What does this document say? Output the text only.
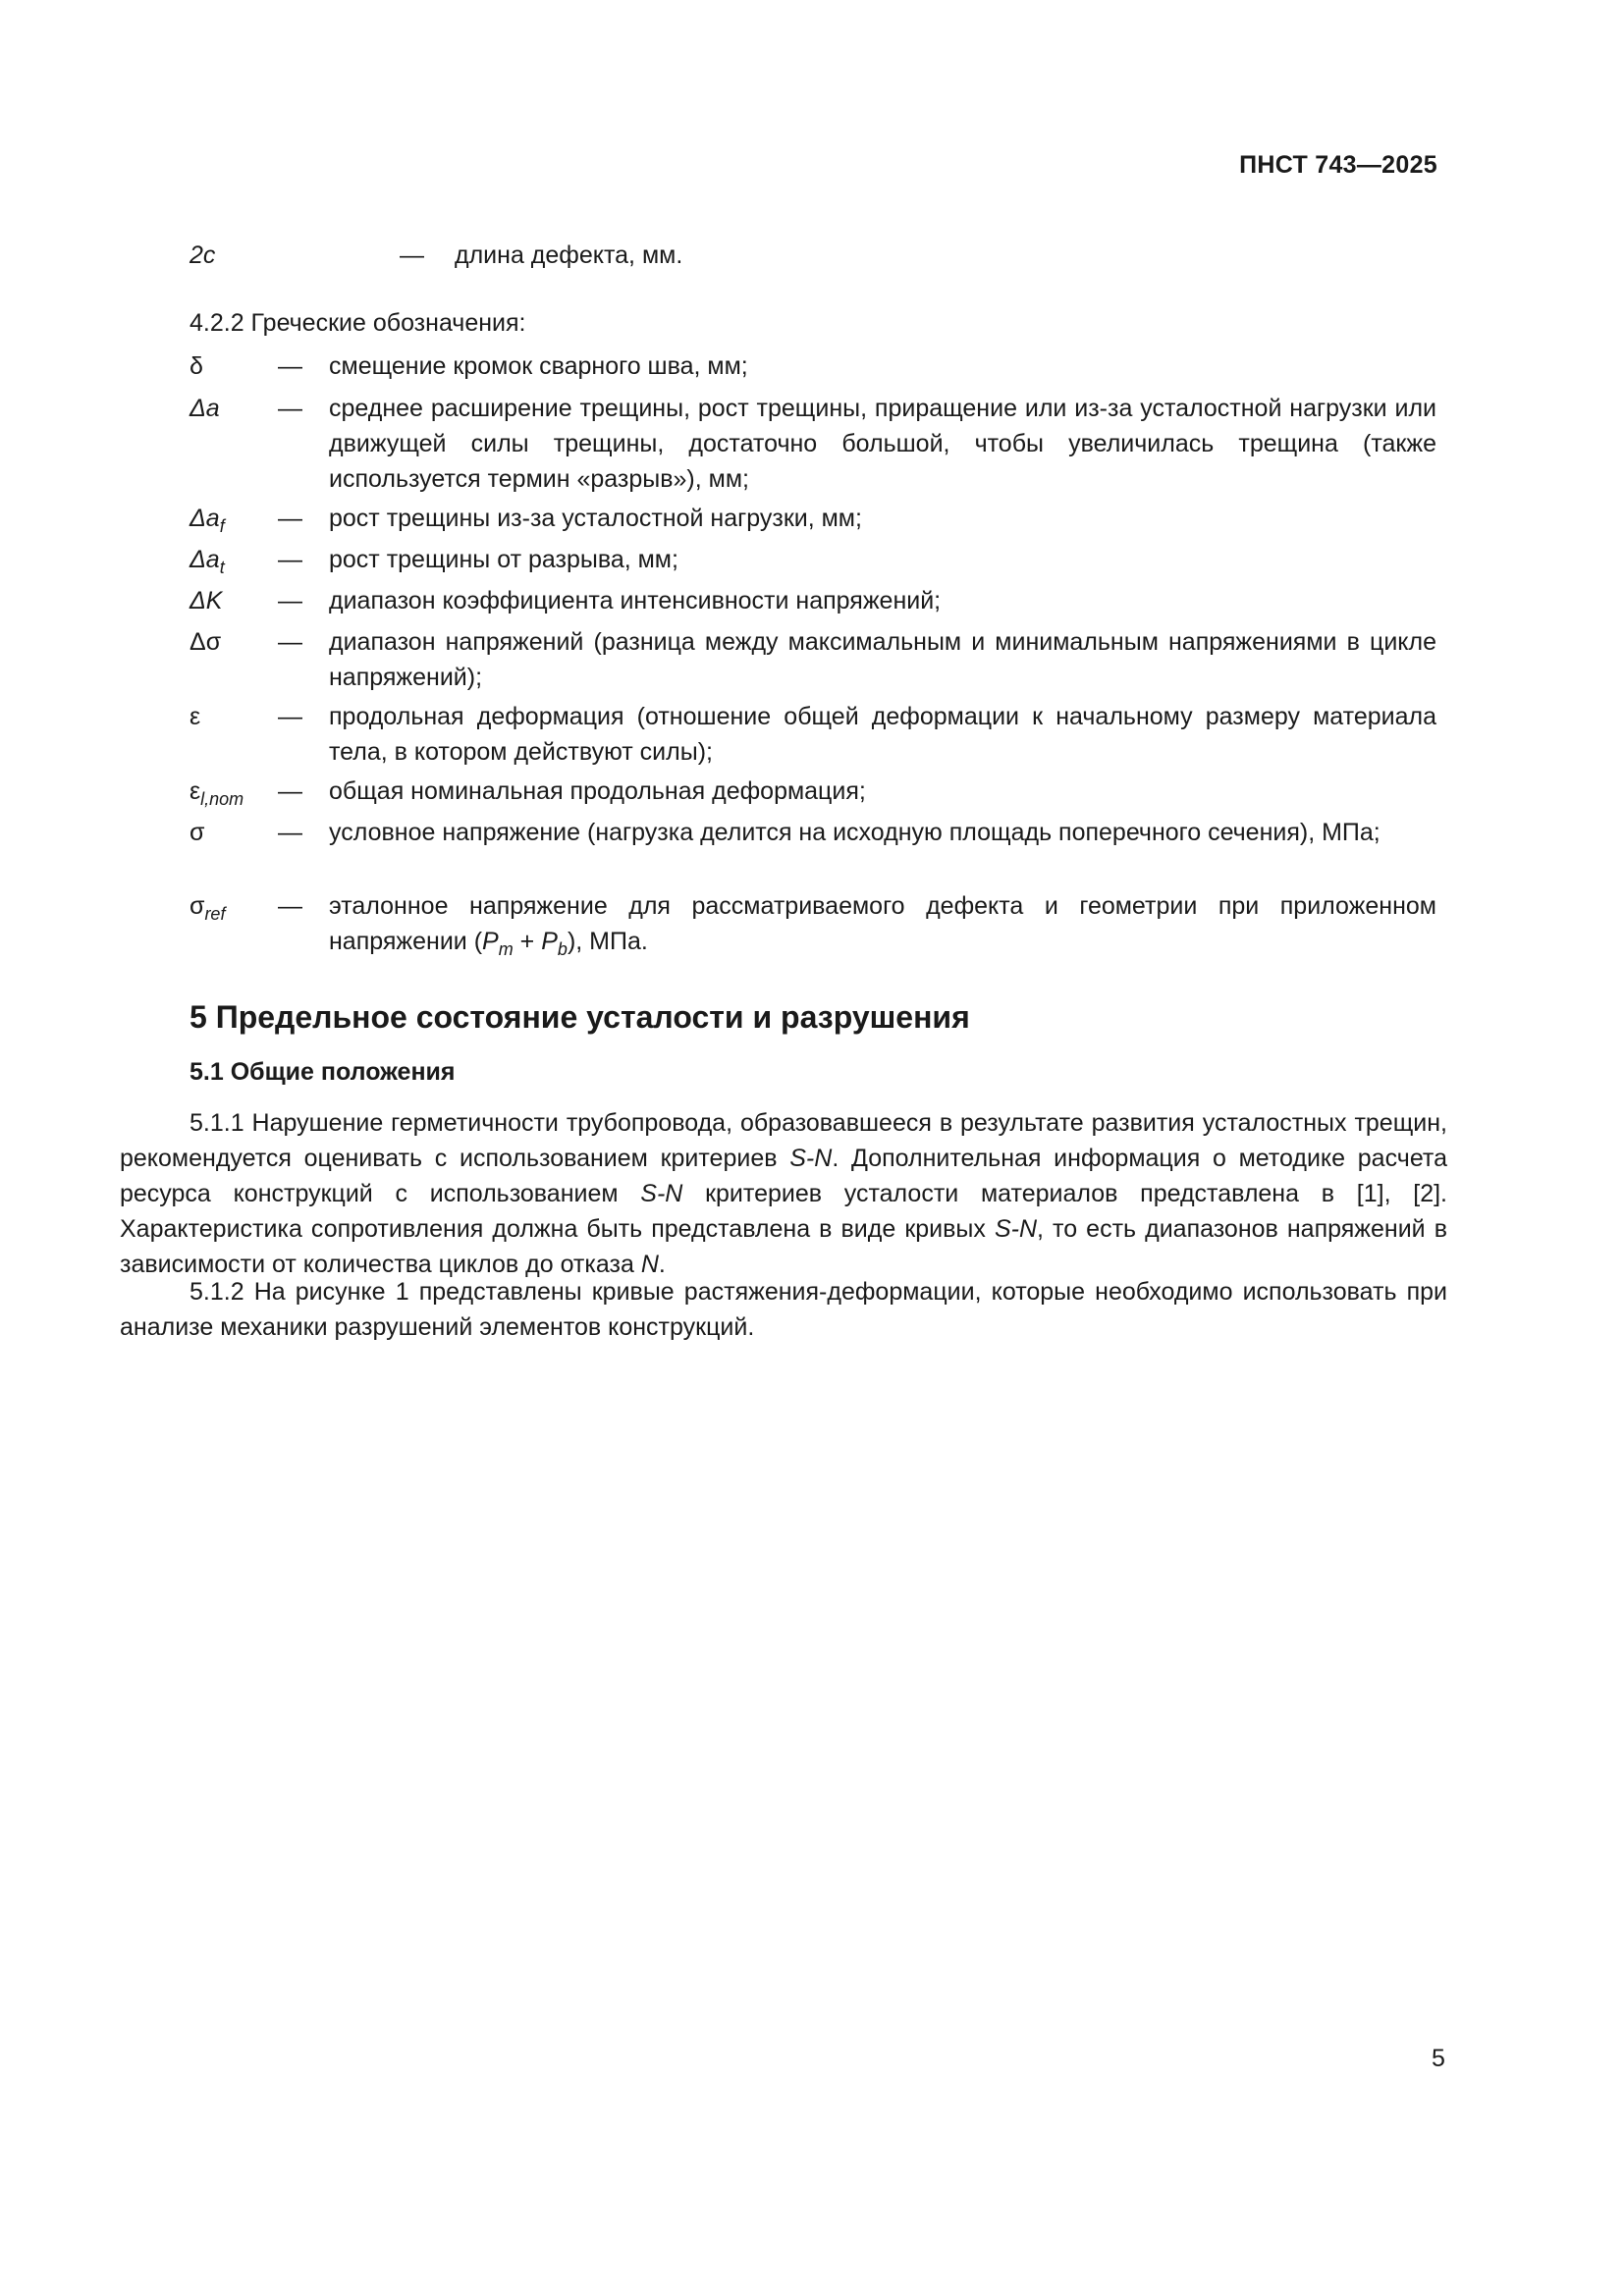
ПНСТ 743—2025
2c	—	длина дефекта, мм.
4.2.2 Греческие обозначения:
δ	—	смещение кромок сварного шва, мм;
Δa	—	среднее расширение трещины, рост трещины, приращение или из-за усталостной нагрузки или движущей силы трещины, достаточно большой, чтобы увеличилась трещина (также используется термин «разрыв»), мм;
$\Delta a_f$	—	рост трещины из-за усталостной нагрузки, мм;
$\Delta a_t$	—	рост трещины от разрыва, мм;
ΔK	—	диапазон коэффициента интенсивности напряжений;
Δσ	—	диапазон напряжений (разница между максимальным и минимальным напряжениями в цикле напряжений);
ε	—	продольная деформация (отношение общей деформации к начальному размеру материала тела, в котором действуют силы);
$\varepsilon_{l,nom}$	—	общая номинальная продольная деформация;
σ	—	условное напряжение (нагрузка делится на исходную площадь поперечного сечения), МПа;
$\sigma_{ref}$	—	эталонное напряжение для рассматриваемого дефекта и геометрии при приложенном напряжении $(P_m + P_b)$, МПа.
5 Предельное состояние усталости и разрушения
5.1 Общие положения
5.1.1 Нарушение герметичности трубопровода, образовавшееся в результате развития усталостных трещин, рекомендуется оценивать с использованием критериев S-N. Дополнительная информация о методике расчета ресурса конструкций с использованием S-N критериев усталости материалов представлена в [1], [2]. Характеристика сопротивления должна быть представлена в виде кривых S-N, то есть диапазонов напряжений в зависимости от количества циклов до отказа N.
5.1.2 На рисунке 1 представлены кривые растяжения-деформации, которые необходимо использовать при анализе механики разрушений элементов конструкций.
5
